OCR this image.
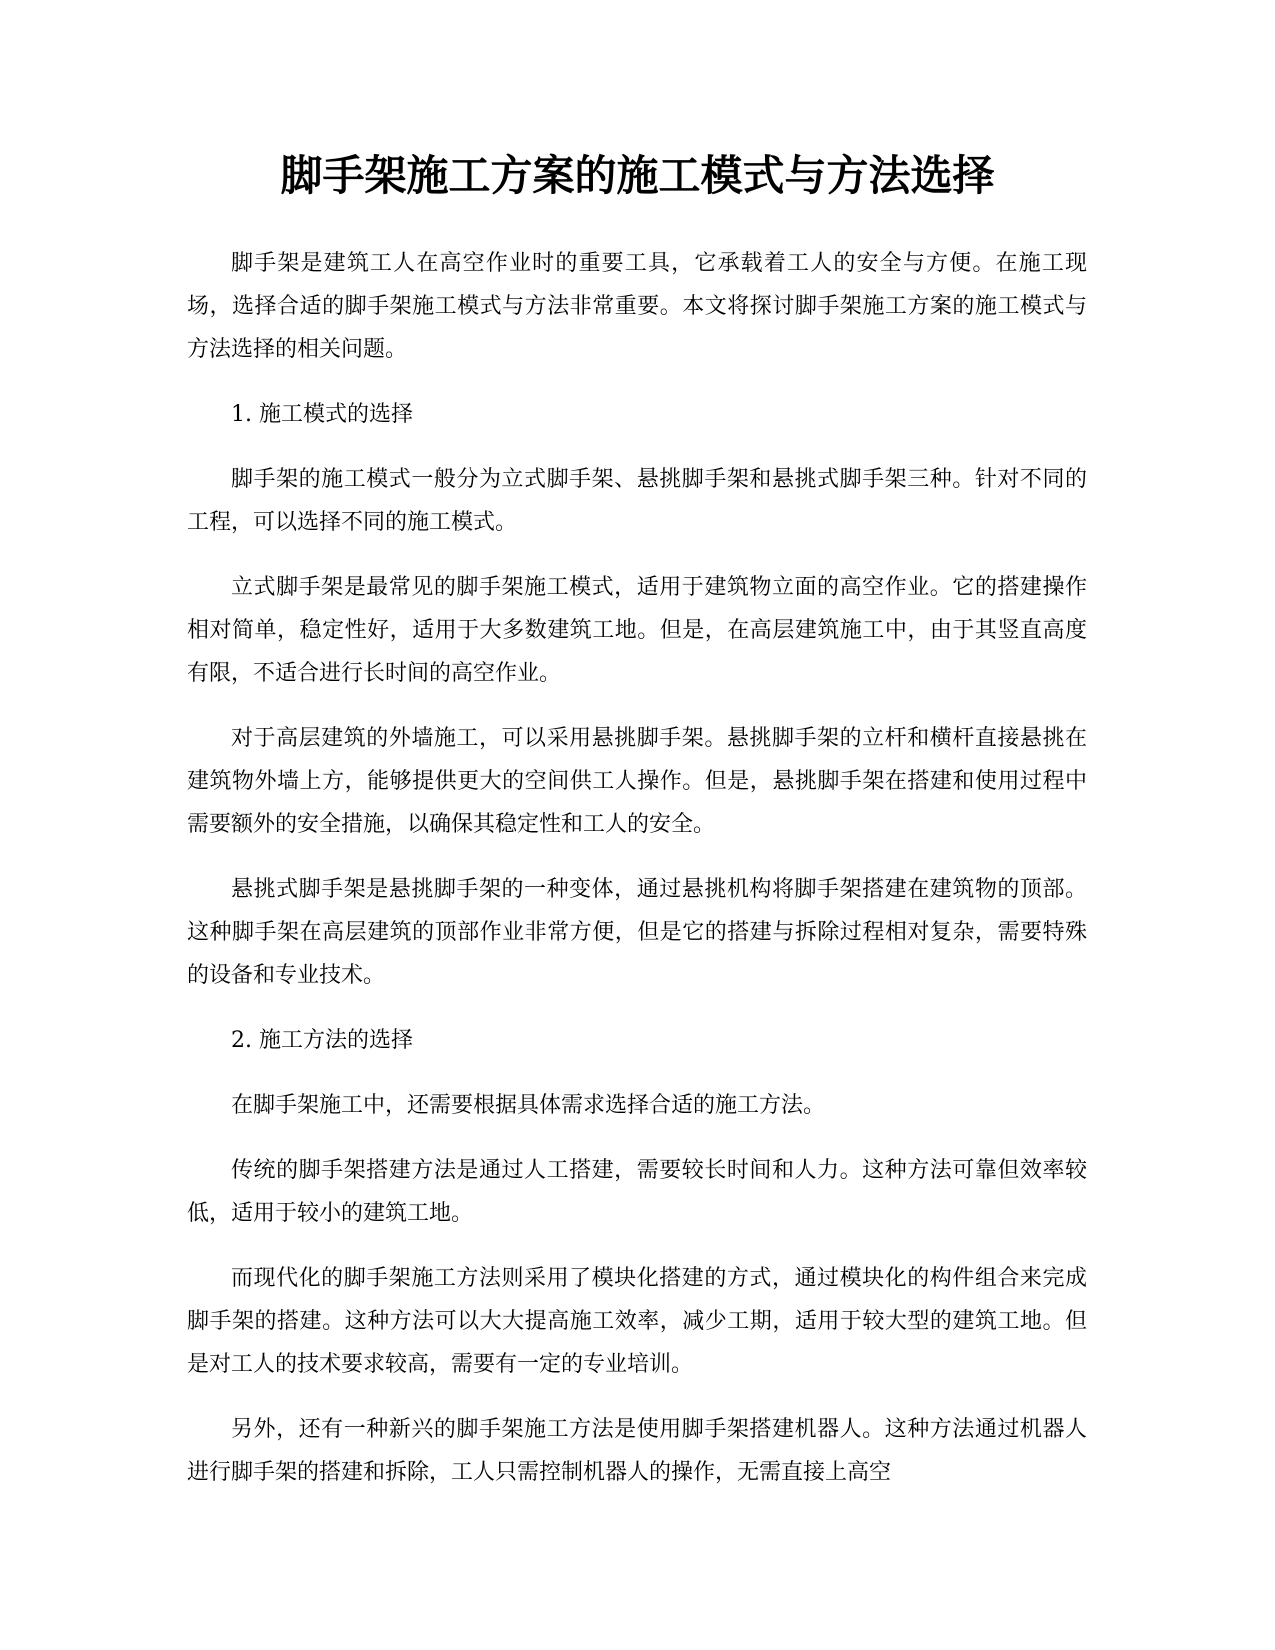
脚手架施工方案的施工模式与方法选择

脚手架是建筑工人在高空作业时的重要工具，它承载着工人的安全与方便。在施工现场，选择合适的脚手架施工模式与方法非常重要。本文将探讨脚手架施工方案的施工模式与方法选择的相关问题。

1. 施工模式的选择

脚手架的施工模式一般分为立式脚手架、悬挑脚手架和悬挑式脚手架三种。针对不同的工程，可以选择不同的施工模式。

立式脚手架是最常见的脚手架施工模式，适用于建筑物立面的高空作业。它的搭建操作相对简单，稳定性好，适用于大多数建筑工地。但是，在高层建筑施工中，由于其竖直高度有限，不适合进行长时间的高空作业。

对于高层建筑的外墙施工，可以采用悬挑脚手架。悬挑脚手架的立杆和横杆直接悬挑在建筑物外墙上方，能够提供更大的空间供工人操作。但是，悬挑脚手架在搭建和使用过程中需要额外的安全措施，以确保其稳定性和工人的安全。

悬挑式脚手架是悬挑脚手架的一种变体，通过悬挑机构将脚手架搭建在建筑物的顶部。这种脚手架在高层建筑的顶部作业非常方便，但是它的搭建与拆除过程相对复杂，需要特殊的设备和专业技术。

2. 施工方法的选择

在脚手架施工中，还需要根据具体需求选择合适的施工方法。

传统的脚手架搭建方法是通过人工搭建，需要较长时间和人力。这种方法可靠但效率较低，适用于较小的建筑工地。

而现代化的脚手架施工方法则采用了模块化搭建的方式，通过模块化的构件组合来完成脚手架的搭建。这种方法可以大大提高施工效率，减少工期，适用于较大型的建筑工地。但是对工人的技术要求较高，需要有一定的专业培训。

另外，还有一种新兴的脚手架施工方法是使用脚手架搭建机器人。这种方法通过机器人进行脚手架的搭建和拆除，工人只需控制机器人的操作，无需直接上高空
